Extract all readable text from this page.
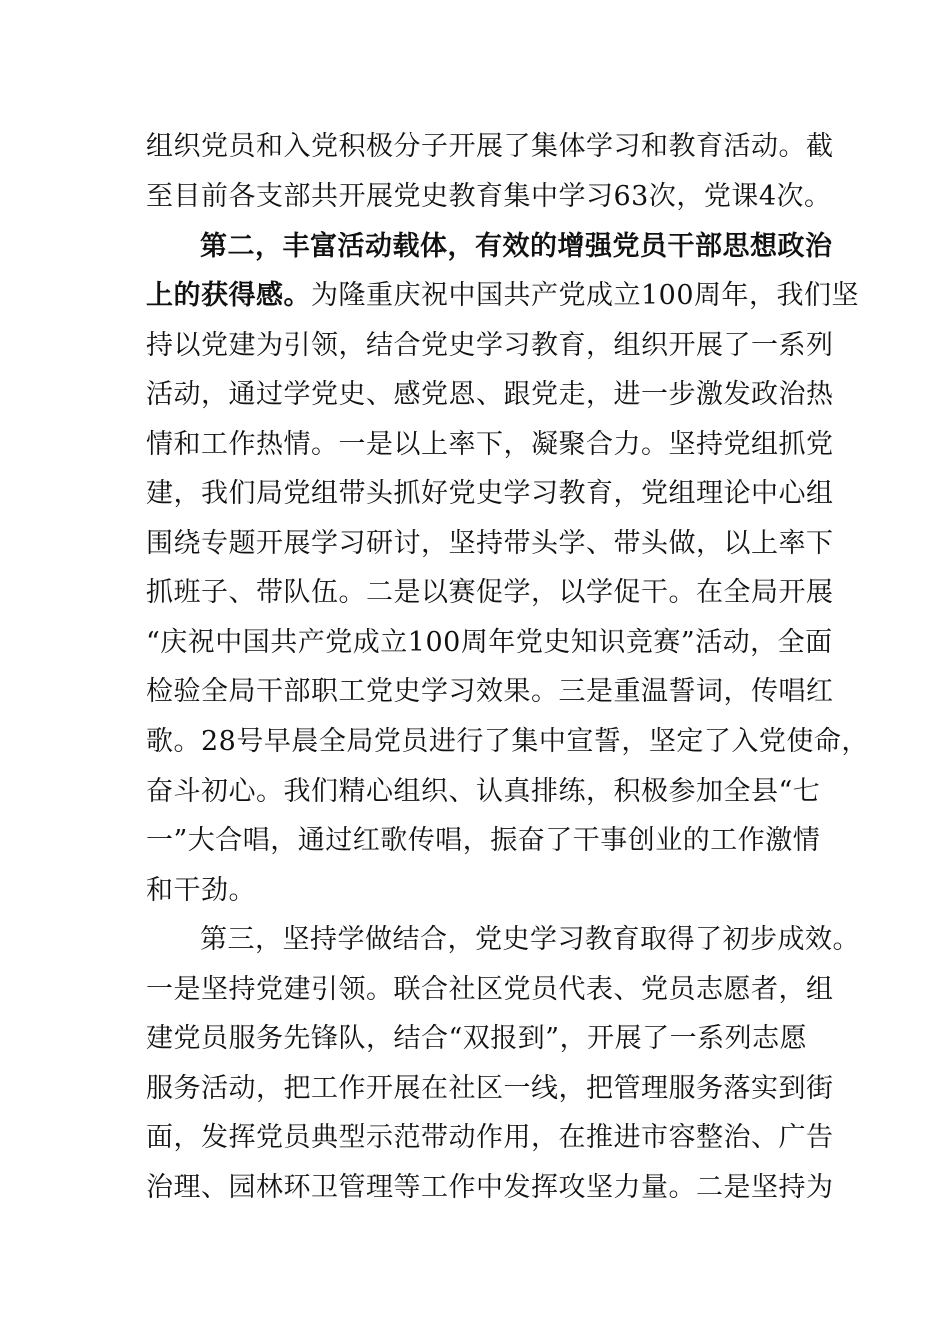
组织党员和入党积极分子开展了集体学习和教育活动。截
至目前各支部共开展党史教育集中学习63次，党课4次。
第二，丰富活动载体，有效的增强党员干部思想政治
上的获得感。为隆重庆祝中国共产党成立100周年，我们坚
持以党建为引领，结合党史学习教育，组织开展了一系列
活动，通过学党史、感党恩、跟党走，进一步激发政治热
情和工作热情。一是以上率下，凝聚合力。坚持党组抓党
建，我们局党组带头抓好党史学习教育，党组理论中心组
围绕专题开展学习研讨，坚持带头学、带头做，以上率下
抓班子、带队伍。二是以赛促学，以学促干。在全局开展
“庆祝中国共产党成立100周年党史知识竞赛”活动，全面
检验全局干部职工党史学习效果。三是重温誓词，传唱红
歌。28号早晨全局党员进行了集中宣誓，坚定了入党使命，
奋斗初心。我们精心组织、认真排练，积极参加全县“七
一”大合唱，通过红歌传唱，振奋了干事创业的工作激情
和干劲。
第三，坚持学做结合，党史学习教育取得了初步成效。
一是坚持党建引领。联合社区党员代表、党员志愿者，组
建党员服务先锋队，结合“双报到”，开展了一系列志愿
服务活动，把工作开展在社区一线，把管理服务落实到街
面，发挥党员典型示范带动作用，在推进市容整治、广告
治理、园林环卫管理等工作中发挥攻坚力量。二是坚持为
